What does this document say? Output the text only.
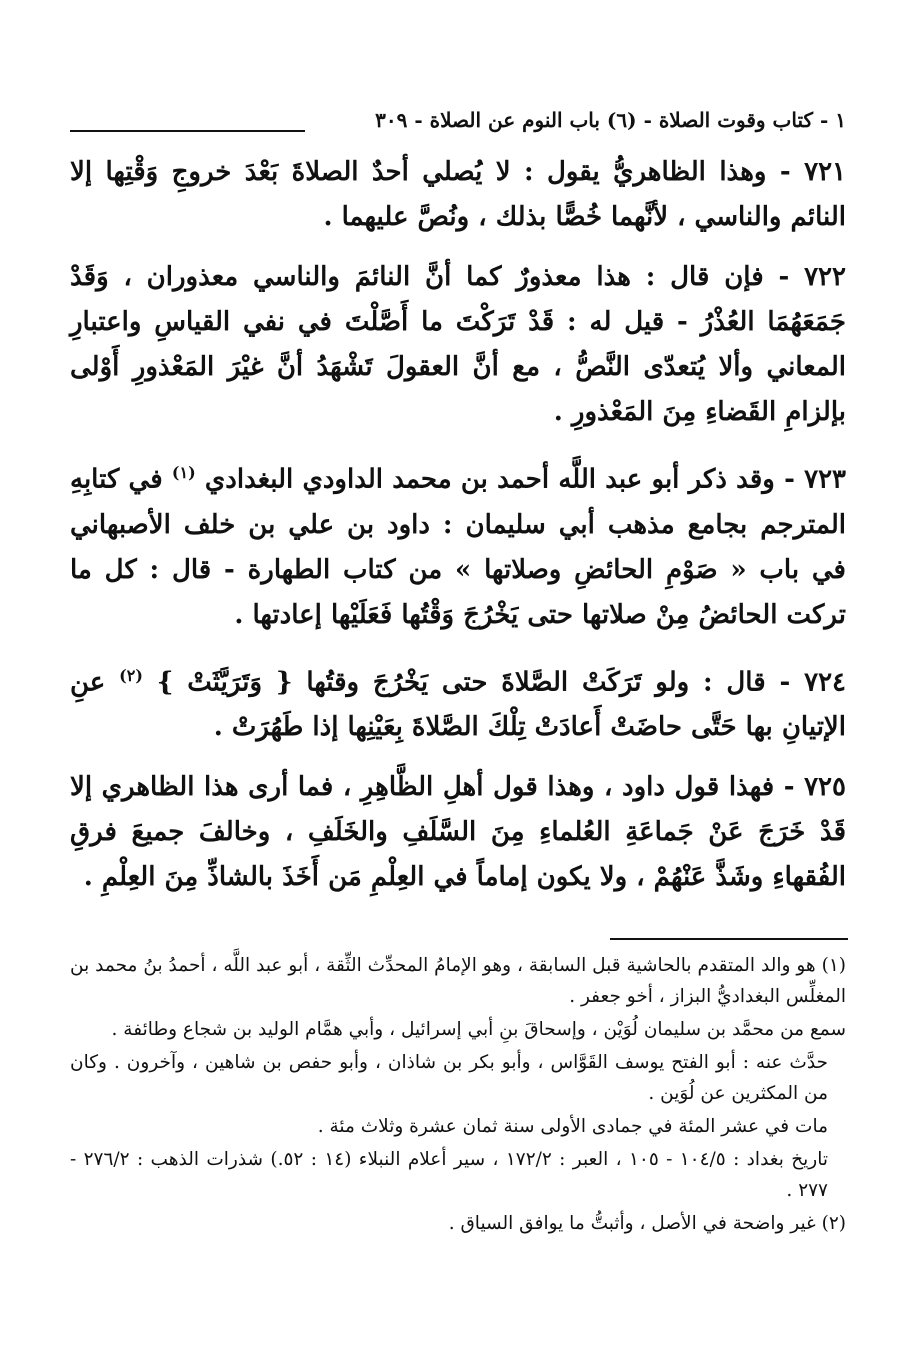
١ - كتاب وقوت الصلاة - (٦) باب النوم عن الصلاة - ٣٠٩

٧٢١ - وهذا الظاهريُّ يقول : لا يُصلي أحدٌ الصلاةَ بَعْدَ خروجِ وَقْتِها إلا النائم والناسي ، لأنَّهما خُصًّا بذلك ، ونُصَّ عليهما .

٧٢٢ - فإن قال : هذا معذورٌ كما أنَّ النائمَ والناسي معذوران ، وَقَدْ جَمَعَهُمَا العُذْرُ - قيل له : قَدْ تَرَكْتَ ما أَصَّلْتَ في نفي القياسِ واعتبارِ المعاني وألا يُتعدّى النَّصُّ ، مع أنَّ العقولَ تَشْهَدُ أنَّ غيْرَ المَعْذورِ أَوْلى بإلزامِ القَضاءِ مِنَ المَعْذورِ .

٧٢٣ - وقد ذكر أبو عبد اللَّه أحمد بن محمد الداودي البغدادي $^{(١)}$ في كتابِهِ المترجم بجامع مذهب أبي سليمان : داود بن علي بن خلف الأصبهاني في باب « صَوْمِ الحائضِ وصلاتها » من كتاب الطهارة - قال : كل ما تركت الحائضُ مِنْ صلاتها حتى يَخْرُجَ وَقْتُها فَعَلَيْها إعادتها .

٧٢٤ - قال : ولو تَرَكَتْ الصَّلاةَ حتى يَخْرُجَ وقتُها { وَتَرَيَّثَتْ } $^{(٢)}$ عنِ الإتيانِ بها حَتَّى حاضَتْ أَعادَتْ تِلْكَ الصَّلاةَ بِعَيْنِها إذا طَهُرَتْ .

٧٢٥ - فهذا قول داود ، وهذا قول أهلِ الظَّاهِرِ ، فما أرى هذا الظاهري إلا قَدْ خَرَجَ عَنْ جَماعَةِ العُلماءِ مِنَ السَّلَفِ والخَلَفِ ، وخالفَ جميعَ فرقِ الفُقهاءِ وشَذَّ عَنْهُمْ ، ولا يكون إماماً في العِلْمِ مَن أَخَذَ بالشاذِّ مِنَ العِلْمِ .

(١) هو والد المتقدم بالحاشية قبل السابقة ، وهو الإمامُ المحدِّث الثِّقة ، أبو عبد اللَّه ، أحمدُ بنُ محمد بن المغلِّس البغداديُّ البزاز ، أخو جعفر .

سمع من محمَّد بن سليمان لُوَيْن ، وإسحاقَ بنِ أبي إسرائيل ، وأبي همَّام الوليد بن شجاع وطائفة .

حدَّث عنه : أبو الفتح يوسف القَوَّاس ، وأبو بكر بن شاذان ، وأبو حفص بن شاهين ، وآخرون . وكان من المكثرين عن لُوَين .

مات في عشر المئة في جمادى الأولى سنة ثمان عشرة وثلاث مئة .

تاريخ بغداد : ١٠٤/٥ - ١٠٥ ، العبر : ١٧٢/٢ ، سير أعلام النبلاء (١٤ : ٥٢.) شذرات الذهب : ٢٧٦/٢ - ٢٧٧ .

(٢) غير واضحة في الأصل ، وأثبتُّ ما يوافق السياق .
